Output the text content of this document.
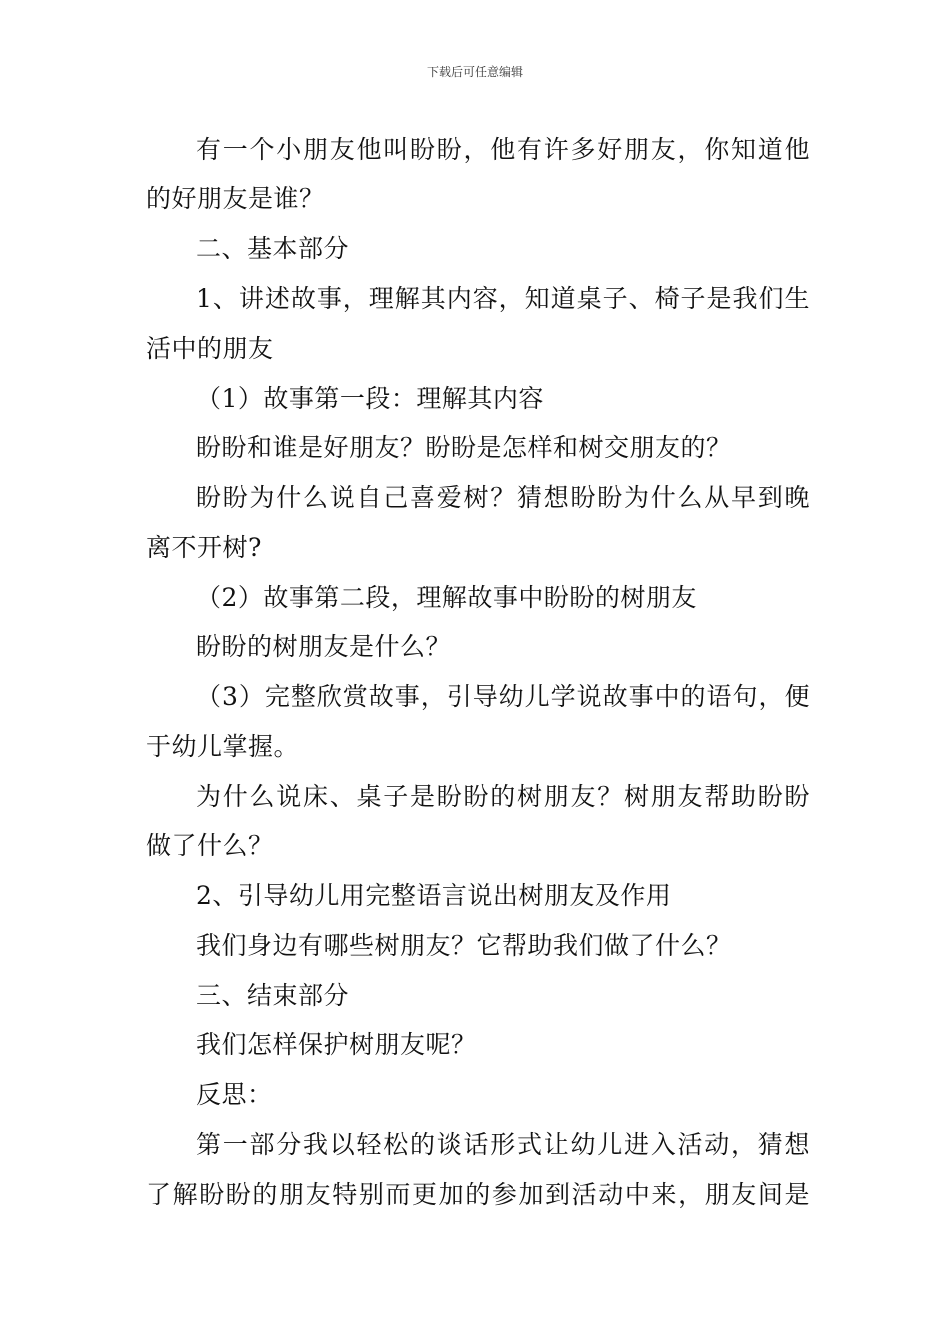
下载后可任意编辑
有一个小朋友他叫盼盼，他有许多好朋友，你知道他
的好朋友是谁？
二、基本部分
1、讲述故事，理解其内容，知道桌子、椅子是我们生
活中的朋友
（1）故事第一段：理解其内容
盼盼和谁是好朋友？盼盼是怎样和树交朋友的？
盼盼为什么说自己喜爱树？猜想盼盼为什么从早到晚
离不开树?
（2）故事第二段，理解故事中盼盼的树朋友
盼盼的树朋友是什么？
（3）完整欣赏故事，引导幼儿学说故事中的语句，便
于幼儿掌握。
为什么说床、桌子是盼盼的树朋友？树朋友帮助盼盼
做了什么？
2、引导幼儿用完整语言说出树朋友及作用
我们身边有哪些树朋友？它帮助我们做了什么？
三、结束部分
我们怎样保护树朋友呢？
反思：
第一部分我以轻松的谈话形式让幼儿进入活动，猜想
了解盼盼的朋友特别而更加的参加到活动中来，朋友间是
